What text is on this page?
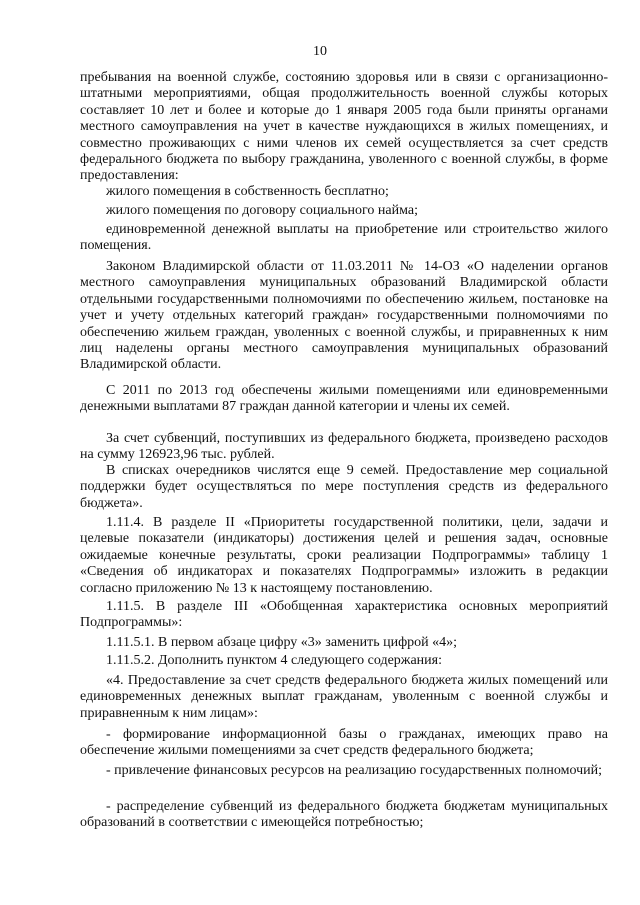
10

пребывания на военной службе, состоянию здоровья или в связи с организационно-штатными мероприятиями, общая продолжительность военной службы которых составляет 10 лет и более и которые до 1 января 2005 года были приняты органами местного самоуправления на учет в качестве нуждающихся в жилых помещениях, и совместно проживающих с ними членов их семей осуществляется за счет средств федерального бюджета по выбору гражданина, уволенного с военной службы, в форме предоставления:

жилого помещения в собственность бесплатно;

жилого помещения по договору социального найма;

единовременной денежной выплаты на приобретение или строительство жилого помещения.

Законом Владимирской области от 11.03.2011 № 14-ОЗ «О наделении органов местного самоуправления муниципальных образований Владимирской области отдельными государственными полномочиями по обеспечению жильем, постановке на учет и учету отдельных категорий граждан» государственными полномочиями по обеспечению жильем граждан, уволенных с военной службы, и приравненных к ним лиц наделены органы местного самоуправления муниципальных образований Владимирской области.

С 2011 по 2013 год обеспечены жилыми помещениями или единовременными денежными выплатами 87 граждан данной категории и члены их семей.

За счет субвенций, поступивших из федерального бюджета, произведено расходов на сумму 126923,96 тыс. рублей.

В списках очередников числятся еще 9 семей. Предоставление мер социальной поддержки будет осуществляться по мере поступления средств из федерального бюджета».

1.11.4. В разделе II «Приоритеты государственной политики, цели, задачи и целевые показатели (индикаторы) достижения целей и решения задач, основные ожидаемые конечные результаты, сроки реализации Подпрограммы» таблицу 1 «Сведения об индикаторах и показателях Подпрограммы» изложить в редакции согласно приложению № 13 к настоящему постановлению.

1.11.5. В разделе III «Обобщенная характеристика основных мероприятий Подпрограммы»:

1.11.5.1. В первом абзаце цифру «3» заменить цифрой «4»;

1.11.5.2. Дополнить пунктом 4 следующего содержания:

«4. Предоставление за счет средств федерального бюджета жилых помещений или единовременных денежных выплат гражданам, уволенным с военной службы и приравненным к ним лицам»:

- формирование информационной базы о гражданах, имеющих право на обеспечение жилыми помещениями за счет средств федерального бюджета;

- привлечение финансовых ресурсов на реализацию государственных полномочий;

- распределение субвенций из федерального бюджета бюджетам муниципальных образований в соответствии с имеющейся потребностью;
